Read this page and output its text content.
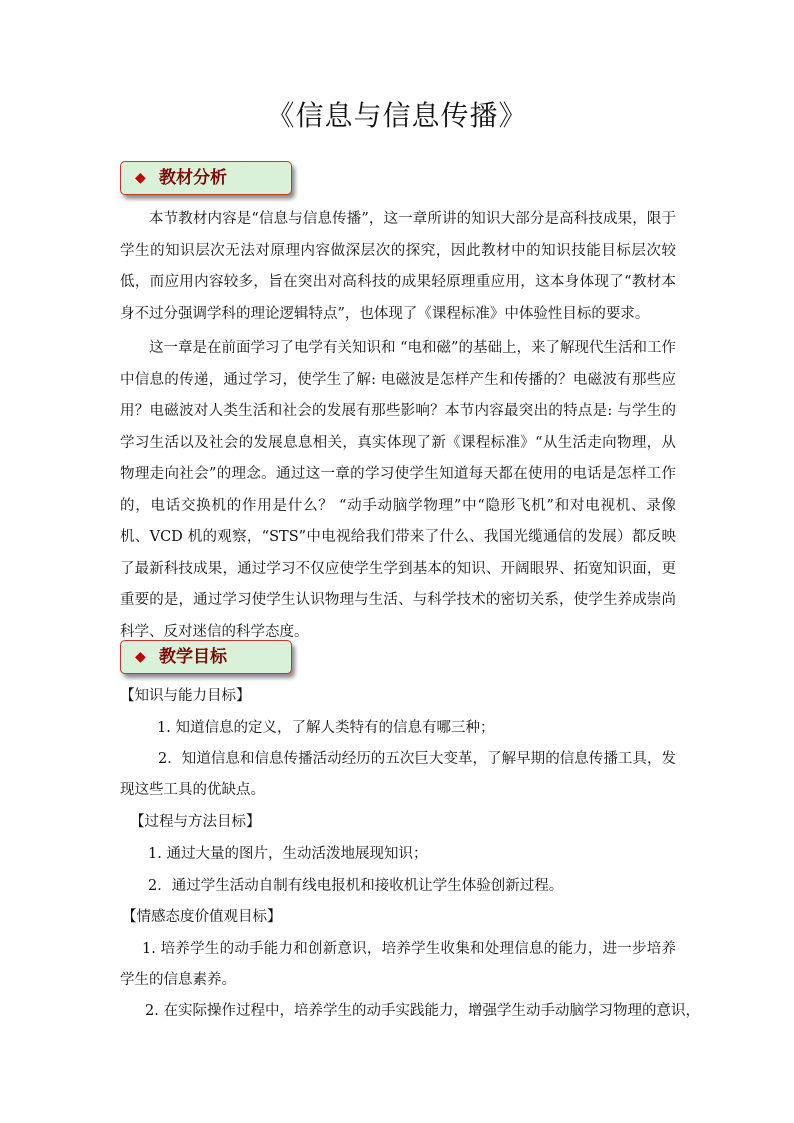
《信息与信息传播》
◆ 教材分析

本节教材内容是“信息与信息传播”，这一章所讲的知识大部分是高科技成果，限于学生的知识层次无法对原理内容做深层次的探究，因此教材中的知识技能目标层次较低，而应用内容较多，旨在突出对高科技的成果轻原理重应用，这本身体现了“教材本身不过分强调学科的理论逻辑特点”，也体现了《课程标准》中体验性目标的要求。

这一章是在前面学习了电学有关知识和 “电和磁”的基础上，来了解现代生活和工作中信息的传递，通过学习，使学生了解: 电磁波是怎样产生和传播的？电磁波有那些应用？电磁波对人类生活和社会的发展有那些影响？本节内容最突出的特点是: 与学生的学习生活以及社会的发展息息相关，真实体现了新《课程标准》“从生活走向物理，从物理走向社会”的理念。通过这一章的学习使学生知道每天都在使用的电话是怎样工作的，电话交换机的作用是什么？ “动手动脑学物理”中“隐形飞机”和对电视机、录像机、VCD 机的观察，“STS”中电视给我们带来了什么、我国光缆通信的发展）都反映了最新科技成果，通过学习不仅应使学生学到基本的知识、开阔眼界、拓宽知识面，更重要的是，通过学习使学生认识物理与生活、与科学技术的密切关系，使学生养成崇尚科学、反对迷信的科学态度。

◆ 教学目标

【知识与能力目标】

1. 知道信息的定义，了解人类特有的信息有哪三种；

2．知道信息和信息传播活动经历的五次巨大变革，了解早期的信息传播工具，发现这些工具的优缺点。

【过程与方法目标】

1. 通过大量的图片，生动活泼地展现知识；

2．通过学生活动自制有线电报机和接收机让学生体验创新过程。

【情感态度价值观目标】

1. 培养学生的动手能力和创新意识，培养学生收集和处理信息的能力，进一步培养学生的信息素养。

2. 在实际操作过程中，培养学生的动手实践能力，增强学生动手动脑学习物理的意识，
